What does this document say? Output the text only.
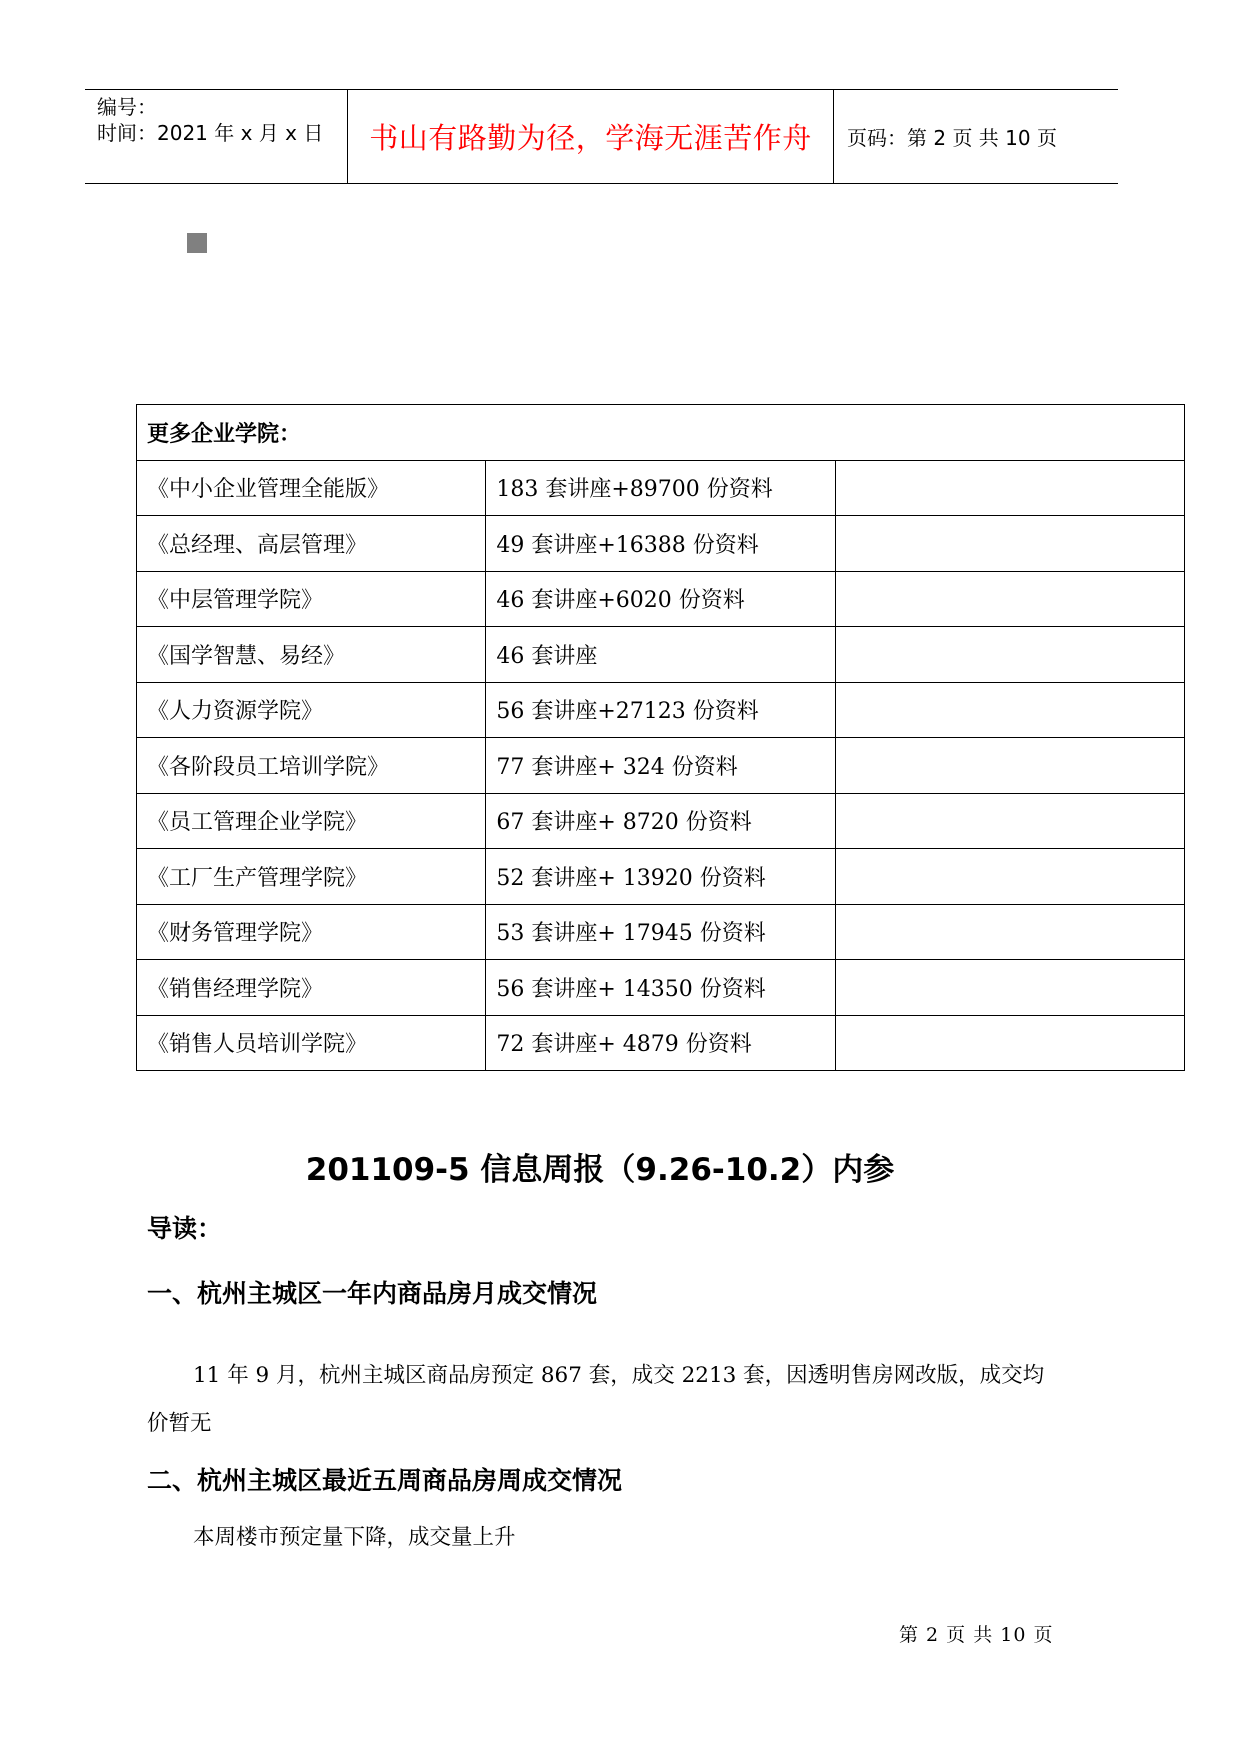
编号：
时间：2021 年 x 月 x 日	书山有路勤为径，学海无涯苦作舟	页码：第 2 页 共 10 页
更多企业学院：		
《中小企业管理全能版》	183 套讲座+89700 份资料	
《总经理、高层管理》	49 套讲座+16388 份资料	
《中层管理学院》	46 套讲座+6020 份资料	
《国学智慧、易经》	46 套讲座	
《人力资源学院》	56 套讲座+27123 份资料	
《各阶段员工培训学院》	77 套讲座+ 324 份资料	
《员工管理企业学院》	67 套讲座+ 8720 份资料	
《工厂生产管理学院》	52 套讲座+ 13920 份资料	
《财务管理学院》	53 套讲座+ 17945 份资料	
《销售经理学院》	56 套讲座+ 14350 份资料	
《销售人员培训学院》	72 套讲座+ 4879 份资料	
201109-5 信息周报（9.26-10.2）内参
导读：
一、杭州主城区一年内商品房月成交情况
11 年 9 月，杭州主城区商品房预定 867 套，成交 2213 套，因透明售房网改版，成交均
价暂无
二、杭州主城区最近五周商品房周成交情况
本周楼市预定量下降，成交量上升
第 2 页 共 10 页
